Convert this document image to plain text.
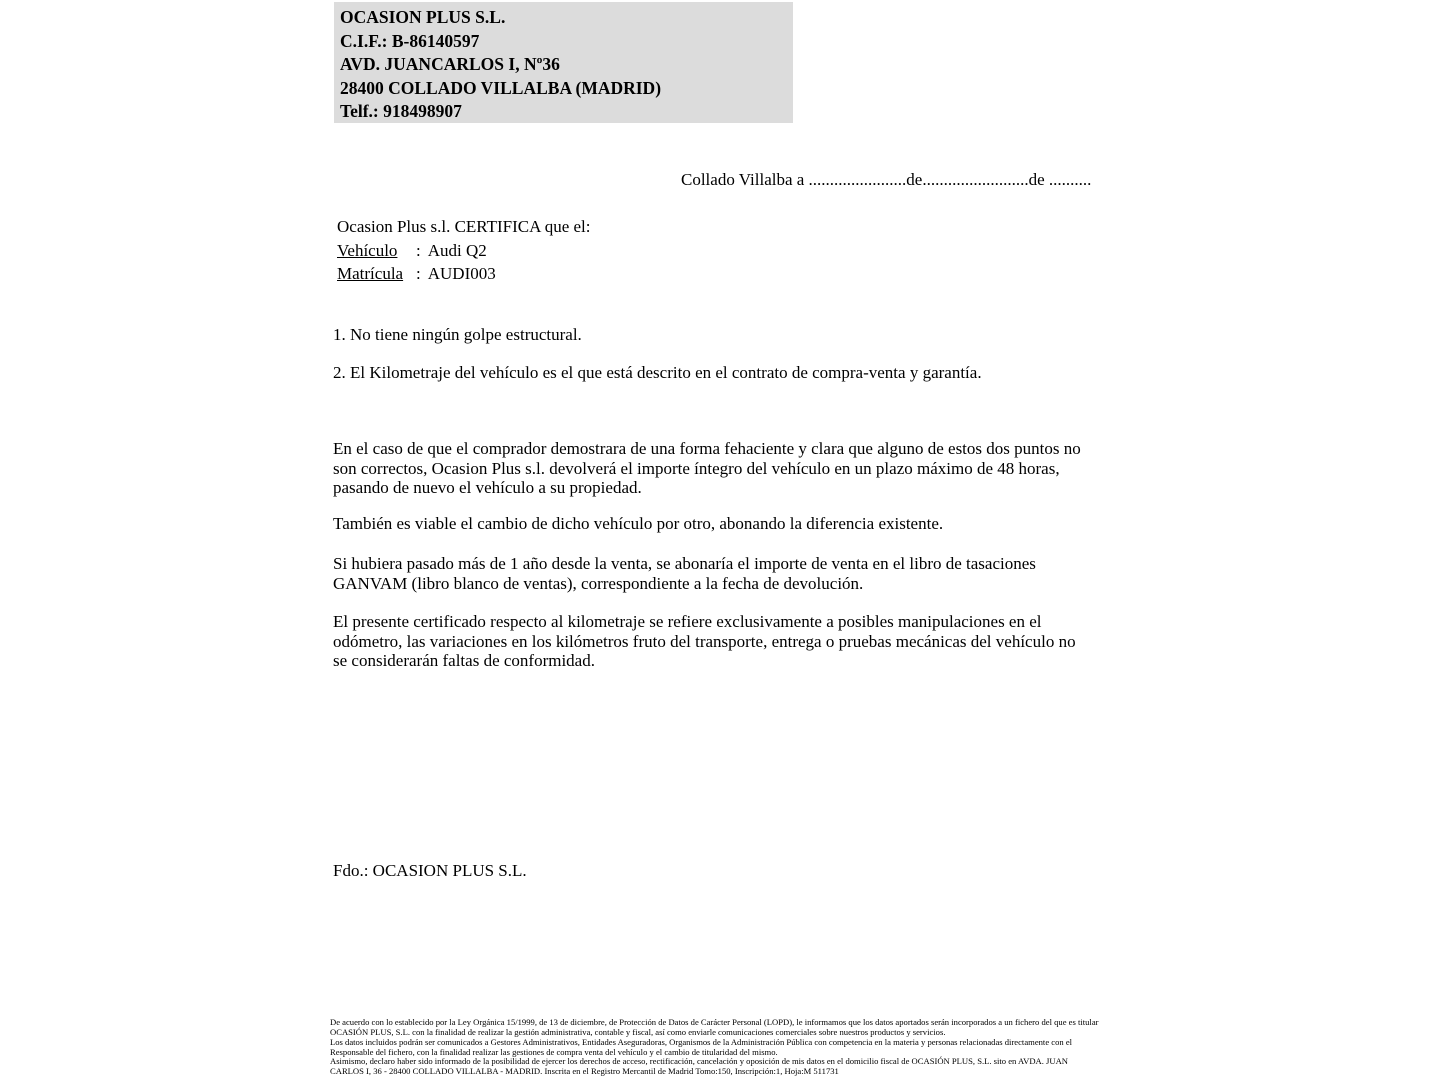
OCASION PLUS S.L.
C.I.F.: B-86140597
AVD. JUANCARLOS I, Nº36
28400 COLLADO VILLALBA (MADRID)
Telf.: 918498907
Collado Villalba a .......................de.........................de ..........
Ocasion Plus s.l. CERTIFICA que el:
Vehículo : Audi Q2
Matrícula : AUDI003
1. No tiene ningún golpe estructural.
2. El Kilometraje del vehículo es el que está descrito en el contrato de compra-venta y garantía.
En el caso de que el comprador demostrara de una forma fehaciente y clara que alguno de estos dos puntos no
son correctos, Ocasion Plus s.l. devolverá el importe íntegro del vehículo en un plazo máximo de 48 horas,
pasando de nuevo el vehículo a su propiedad.
También es viable el cambio de dicho vehículo por otro, abonando la diferencia existente.
Si hubiera pasado más de 1 año desde la venta, se abonaría el importe de venta en el libro de tasaciones
GANVAM (libro blanco de ventas), correspondiente a la fecha de devolución.
El presente certificado respecto al kilometraje se refiere exclusivamente a posibles manipulaciones en el
odómetro, las variaciones en los kilómetros fruto del transporte, entrega o pruebas mecánicas del vehículo no
se considerarán faltas de conformidad.
Fdo.: OCASION PLUS S.L.
De acuerdo con lo establecido por la Ley Orgánica 15/1999, de 13 de diciembre, de Protección de Datos de Carácter Personal (LOPD), le informamos que los datos aportados serán incorporados a un fichero del que es titular
OCASIÓN PLUS, S.L. con la finalidad de realizar la gestión administrativa, contable y fiscal, así como enviarle comunicaciones comerciales sobre nuestros productos y servicios.
Los datos incluidos podrán ser comunicados a Gestores Administrativos, Entidades Aseguradoras, Organismos de la Administración Pública con competencia en la materia y personas relacionadas directamente con el
Responsable del fichero, con la finalidad realizar las gestiones de compra venta del vehículo y el cambio de titularidad del mismo.
Asimismo, declaro haber sido informado de la posibilidad de ejercer los derechos de acceso, rectificación, cancelación y oposición de mis datos en el domicilio fiscal de OCASIÓN PLUS, S.L. sito en AVDA. JUAN
CARLOS I, 36 - 28400 COLLADO VILLALBA - MADRID. Inscrita en el Registro Mercantil de Madrid Tomo:150, Inscripción:1, Hoja:M 511731
